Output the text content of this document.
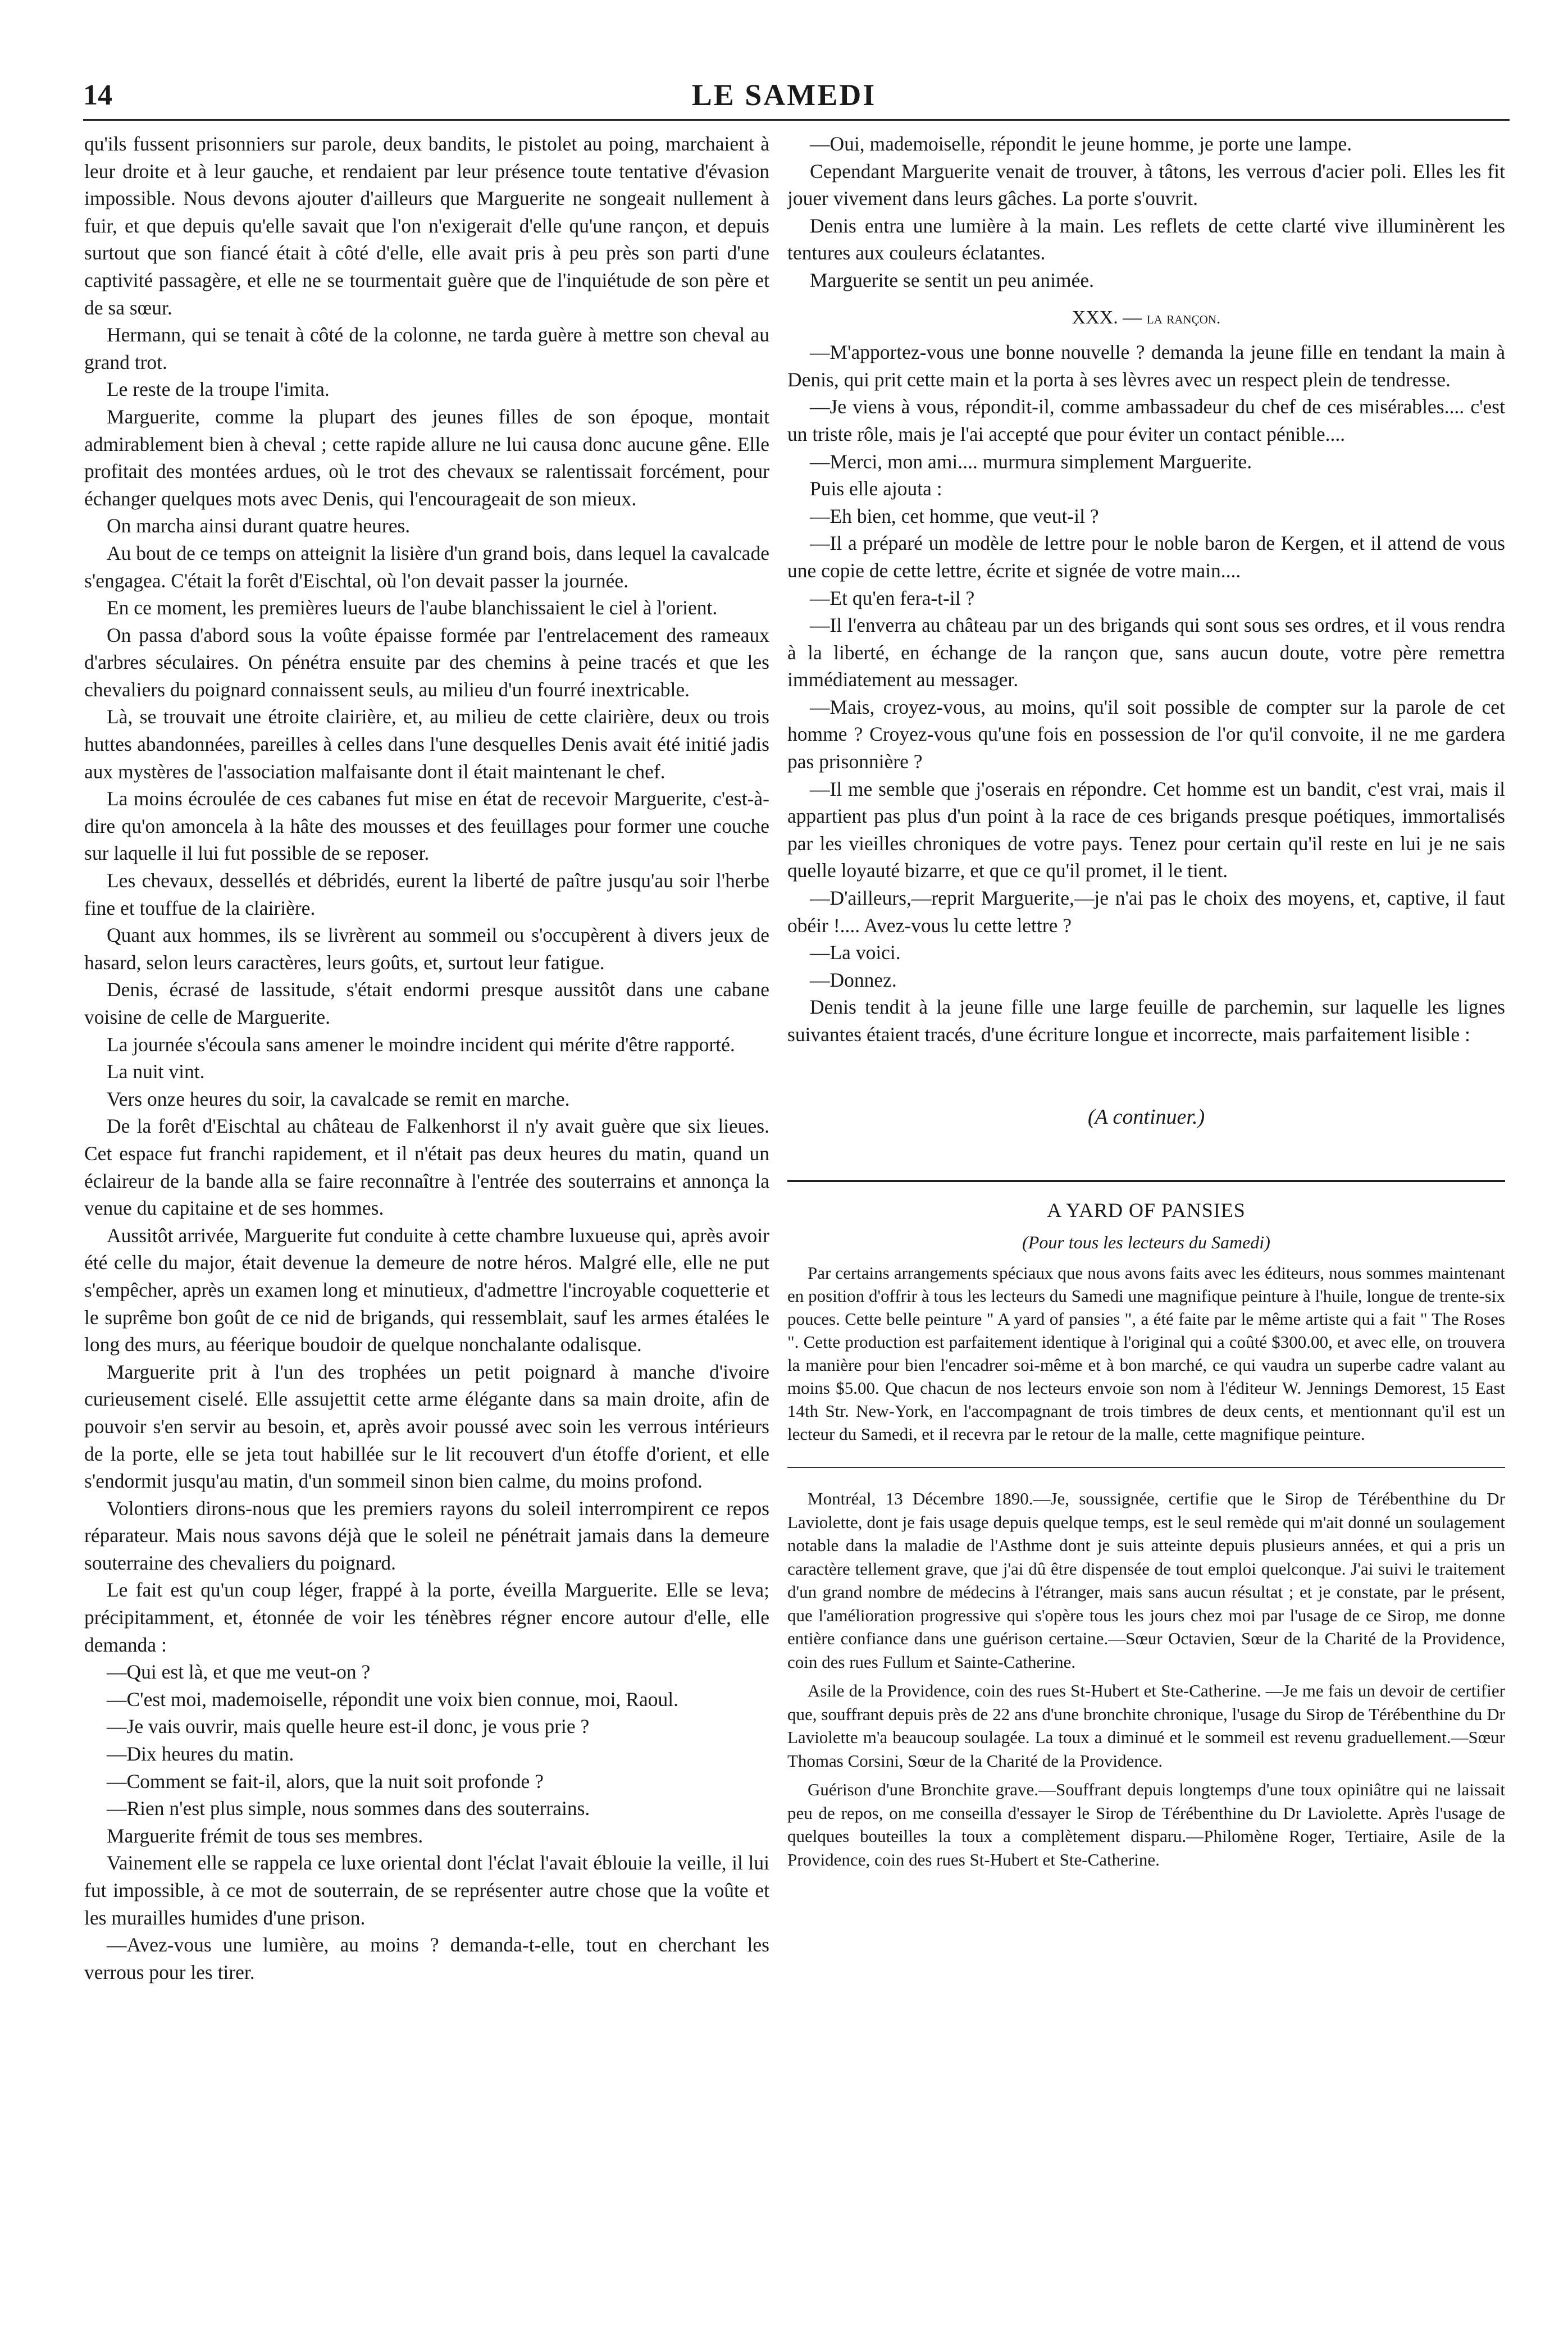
14	LE SAMEDI

qu'ils fussent prisonniers sur parole, deux bandits, le pistolet au poing, marchaient à leur droite et à leur gauche, et rendaient par leur présence toute tentative d'évasion impossible. Nous devons ajouter d'ailleurs que Marguerite ne songeait nullement à fuir, et que depuis qu'elle savait que l'on n'exigerait d'elle qu'une rançon, et depuis surtout que son fiancé était à côté d'elle, elle avait pris à peu près son parti d'une captivité passagère, et elle ne se tourmentait guère que de l'inquiétude de son père et de sa sœur.

Hermann, qui se tenait à côté de la colonne, ne tarda guère à mettre son cheval au grand trot.

Le reste de la troupe l'imita.

Marguerite, comme la plupart des jeunes filles de son époque, montait admirablement bien à cheval ; cette rapide allure ne lui causa donc aucune gêne. Elle profitait des montées ardues, où le trot des chevaux se ralentissait forcément, pour échanger quelques mots avec Denis, qui l'encourageait de son mieux.

On marcha ainsi durant quatre heures.

Au bout de ce temps on atteignit la lisière d'un grand bois, dans lequel la cavalcade s'engagea. C'était la forêt d'Eischtal, où l'on devait passer la journée.

En ce moment, les premières lueurs de l'aube blanchissaient le ciel à l'orient.

On passa d'abord sous la voûte épaisse formée par l'entrelacement des rameaux d'arbres séculaires. On pénétra ensuite par des chemins à peine tracés et que les chevaliers du poignard connaissent seuls, au milieu d'un fourré inextricable.

Là, se trouvait une étroite clairière, et, au milieu de cette clairière, deux ou trois huttes abandonnées, pareilles à celles dans l'une desquelles Denis avait été initié jadis aux mystères de l'association malfaisante dont il était maintenant le chef.

La moins écroulée de ces cabanes fut mise en état de recevoir Marguerite, c'est-à-dire qu'on amoncela à la hâte des mousses et des feuillages pour former une couche sur laquelle il lui fut possible de se reposer.

Les chevaux, dessellés et débridés, eurent la liberté de paître jusqu'au soir l'herbe fine et touffue de la clairière.

Quant aux hommes, ils se livrèrent au sommeil ou s'occupèrent à divers jeux de hasard, selon leurs caractères, leurs goûts, et, surtout leur fatigue.

Denis, écrasé de lassitude, s'était endormi presque aussitôt dans une cabane voisine de celle de Marguerite.

La journée s'écoula sans amener le moindre incident qui mérite d'être rapporté.

La nuit vint.

Vers onze heures du soir, la cavalcade se remit en marche.

De la forêt d'Eischtal au château de Falkenhorst il n'y avait guère que six lieues. Cet espace fut franchi rapidement, et il n'était pas deux heures du matin, quand un éclaireur de la bande alla se faire reconnaître à l'entrée des souterrains et annonça la venue du capitaine et de ses hommes.

Aussitôt arrivée, Marguerite fut conduite à cette chambre luxueuse qui, après avoir été celle du major, était devenue la demeure de notre héros. Malgré elle, elle ne put s'empêcher, après un examen long et minutieux, d'admettre l'incroyable coquetterie et le suprême bon goût de ce nid de brigands, qui ressemblait, sauf les armes étalées le long des murs, au féerique boudoir de quelque nonchalante odalisque.

Marguerite prit à l'un des trophées un petit poignard à manche d'ivoire curieusement ciselé. Elle assujettit cette arme élégante dans sa main droite, afin de pouvoir s'en servir au besoin, et, après avoir poussé avec soin les verrous intérieurs de la porte, elle se jeta tout habillée sur le lit recouvert d'un étoffe d'orient, et elle s'endormit jusqu'au matin, d'un sommeil sinon bien calme, du moins profond.

Volontiers dirons-nous que les premiers rayons du soleil interrompirent ce repos réparateur. Mais nous savons déjà que le soleil ne pénétrait jamais dans la demeure souterraine des chevaliers du poignard.

Le fait est qu'un coup léger, frappé à la porte, éveilla Marguerite. Elle se leva; précipitamment, et, étonnée de voir les ténèbres régner encore autour d'elle, elle demanda :

—Qui est là, et que me veut-on ?

—C'est moi, mademoiselle, répondit une voix bien connue, moi, Raoul.

—Je vais ouvrir, mais quelle heure est-il donc, je vous prie ?

—Dix heures du matin.

—Comment se fait-il, alors, que la nuit soit profonde ?

—Rien n'est plus simple, nous sommes dans des souterrains.

Marguerite frémit de tous ses membres.

Vainement elle se rappela ce luxe oriental dont l'éclat l'avait éblouie la veille, il lui fut impossible, à ce mot de souterrain, de se représenter autre chose que la voûte et les murailles humides d'une prison.

—Avez-vous une lumière, au moins ? demanda-t-elle, tout en cherchant les verrous pour les tirer.

—Oui, mademoiselle, répondit le jeune homme, je porte une lampe.

Cependant Marguerite venait de trouver, à tâtons, les verrous d'acier poli. Elles les fit jouer vivement dans leurs gâches. La porte s'ouvrit.

Denis entra une lumière à la main. Les reflets de cette clarté vive illuminèrent les tentures aux couleurs éclatantes.

Marguerite se sentit un peu animée.

XXX. — la rançon.

—M'apportez-vous une bonne nouvelle ? demanda la jeune fille en tendant la main à Denis, qui prit cette main et la porta à ses lèvres avec un respect plein de tendresse.

—Je viens à vous, répondit-il, comme ambassadeur du chef de ces misérables.... c'est un triste rôle, mais je l'ai accepté que pour éviter un contact pénible....

—Merci, mon ami.... murmura simplement Marguerite.

Puis elle ajouta :

—Eh bien, cet homme, que veut-il ?

—Il a préparé un modèle de lettre pour le noble baron de Kergen, et il attend de vous une copie de cette lettre, écrite et signée de votre main....

—Et qu'en fera-t-il ?

—Il l'enverra au château par un des brigands qui sont sous ses ordres, et il vous rendra à la liberté, en échange de la rançon que, sans aucun doute, votre père remettra immédiatement au messager.

—Mais, croyez-vous, au moins, qu'il soit possible de compter sur la parole de cet homme ? Croyez-vous qu'une fois en possession de l'or qu'il convoite, il ne me gardera pas prisonnière ?

—Il me semble que j'oserais en répondre. Cet homme est un bandit, c'est vrai, mais il appartient pas plus d'un point à la race de ces brigands presque poétiques, immortalisés par les vieilles chroniques de votre pays. Tenez pour certain qu'il reste en lui je ne sais quelle loyauté bizarre, et que ce qu'il promet, il le tient.

—D'ailleurs,—reprit Marguerite,—je n'ai pas le choix des moyens, et, captive, il faut obéir !.... Avez-vous lu cette lettre ?

—La voici.

—Donnez.

Denis tendit à la jeune fille une large feuille de parchemin, sur laquelle les lignes suivantes étaient tracés, d'une écriture longue et incorrecte, mais parfaitement lisible :

(A continuer.)
A YARD OF PANSIES
(Pour tous les lecteurs du Samedi)

Par certains arrangements spéciaux que nous avons faits avec les éditeurs, nous sommes maintenant en position d'offrir à tous les lecteurs du Samedi une magnifique peinture à l'huile, longue de trente-six pouces. Cette belle peinture " A yard of pansies ", a été faite par le même artiste qui a fait " The Roses ". Cette production est parfaitement identique à l'original qui a coûté $300.00, et avec elle, on trouvera la manière pour bien l'encadrer soi-même et à bon marché, ce qui vaudra un superbe cadre valant au moins $5.00. Que chacun de nos lecteurs envoie son nom à l'éditeur W. Jennings Demorest, 15 East 14th Str. New-York, en l'accompagnant de trois timbres de deux cents, et mentionnant qu'il est un lecteur du Samedi, et il recevra par le retour de la malle, cette magnifique peinture.

Montréal, 13 Décembre 1890.—Je, soussignée, certifie que le Sirop de Térébenthine du Dr Laviolette, dont je fais usage depuis quelque temps, est le seul remède qui m'ait donné un soulagement notable dans la maladie de l'Asthme dont je suis atteinte depuis plusieurs années, et qui a pris un caractère tellement grave, que j'ai dû être dispensée de tout emploi quelconque. J'ai suivi le traitement d'un grand nombre de médecins à l'étranger, mais sans aucun résultat ; et je constate, par le présent, que l'amélioration progressive qui s'opère tous les jours chez moi par l'usage de ce Sirop, me donne entière confiance dans une guérison certaine.—Sœur Octavien, Sœur de la Charité de la Providence, coin des rues Fullum et Sainte-Catherine.

Asile de la Providence, coin des rues St-Hubert et Ste-Catherine. —Je me fais un devoir de certifier que, souffrant depuis près de 22 ans d'une bronchite chronique, l'usage du Sirop de Térébenthine du Dr Laviolette m'a beaucoup soulagée. La toux a diminué et le sommeil est revenu graduellement.—Sœur Thomas Corsini, Sœur de la Charité de la Providence.

Guérison d'une Bronchite grave.—Souffrant depuis longtemps d'une toux opiniâtre qui ne laissait peu de repos, on me conseilla d'essayer le Sirop de Térébenthine du Dr Laviolette. Après l'usage de quelques bouteilles la toux a complètement disparu.—Philomène Roger, Tertiaire, Asile de la Providence, coin des rues St-Hubert et Ste-Catherine.
